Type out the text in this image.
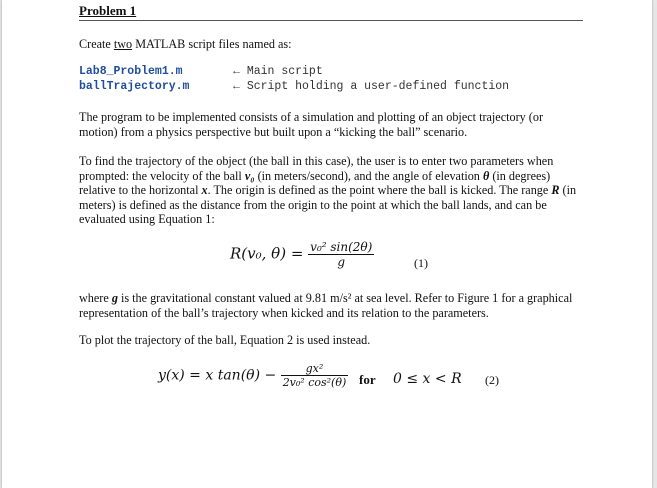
Problem 1
Create two MATLAB script files named as:
Lab8_Problem1.m	← Main script
ballTrajectory.m	← Script holding a user-defined function
The program to be implemented consists of a simulation and plotting of an object trajectory (or motion) from a physics perspective but built upon a “kicking the ball” scenario.
To find the trajectory of the object (the ball in this case), the user is to enter two parameters when prompted: the velocity of the ball v₀ (in meters/second), and the angle of elevation θ (in degrees) relative to the horizontal x. The origin is defined as the point where the ball is kicked. The range R (in meters) is defined as the distance from the origin to the point at which the ball lands, and can be evaluated using Equation 1:
R(v₀, $\theta) = \frac{\text{v₀² sin(2θ)}}{g}$	(1)
where g is the gravitational constant valued at 9.81 m/s² at sea level. Refer to Figure 1 for a graphical representation of the ball’s trajectory when kicked and its relation to the parameters.
To plot the trajectory of the ball, Equation 2 is used instead.
y(x) = x $\tan(\theta) - \frac{\text{gx²}}{\text{2v₀² cos²(θ)}}$ for 0 ≤ x < R (2)
